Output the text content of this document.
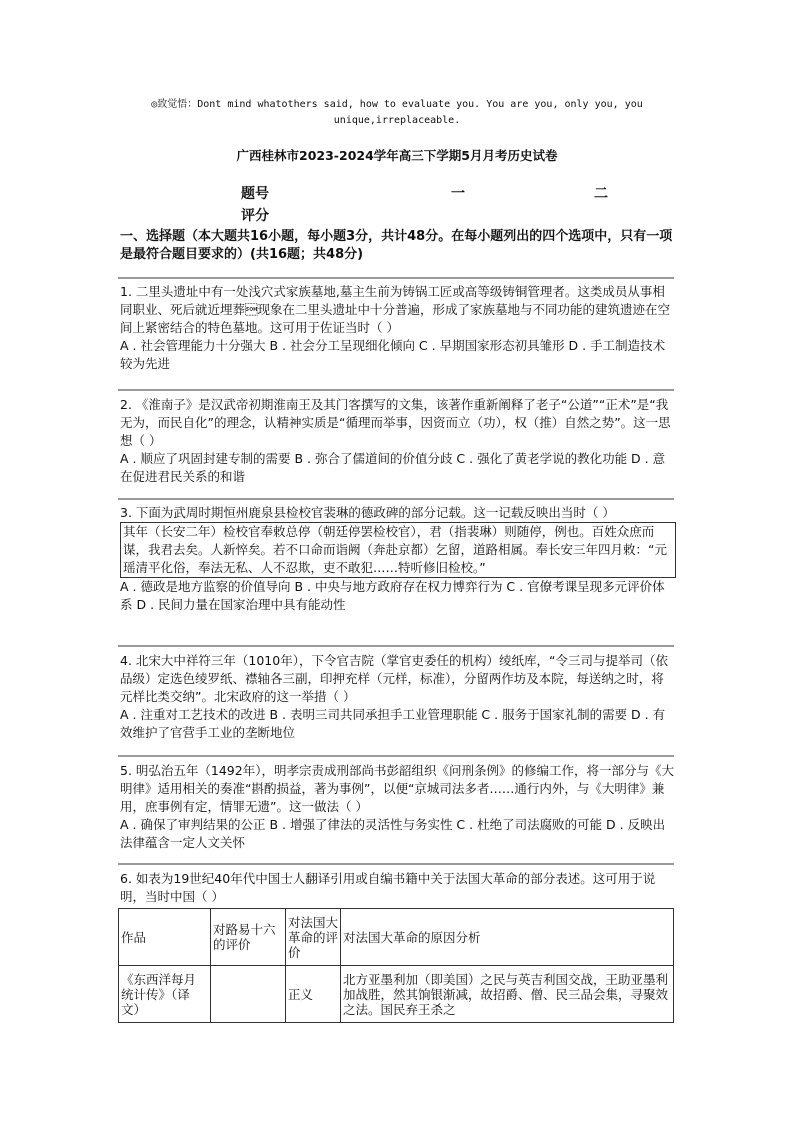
◎致觉悟：Dont mind whatothers said, how to evaluate you. You are you, only you, you unique,irreplaceable.
广西桂林市2023-2024学年高三下学期5月月考历史试卷
题号	一	二
评分
一、选择题（本大题共16小题，每小题3分，共计48分。在每小题列出的四个选项中，只有一项是最符合题目要求的）(共16题；共48分)

1. 二里头遗址中有一处浅穴式家族墓地,墓主生前为铸锅工匠或高等级铸铜管理者。这类成员从事相同职业、死后就近埋葬现象在二里头遗址中十分普遍，形成了家族墓地与不同功能的建筑遗迹在空间上紧密结合的特色墓地。这可用于佐证当时（ ）

A . 社会管理能力十分强大 B . 社会分工呈现细化倾向 C . 早期国家形态初具雏形 D . 手工制造技术较为先进

2. 《淮南子》是汉武帝初期淮南王及其门客撰写的文集，该著作重新阐释了老子“公道”“正术”是“我无为，而民自化”的理念，认精神实质是“循理而举事，因资而立（功），权（推）自然之势”。这一思想（ ）

A . 顺应了巩固封建专制的需要 B . 弥合了儒道间的价值分歧 C . 强化了黄老学说的教化功能 D . 意在促进君民关系的和谐

3. 下面为武周时期恒州鹿泉县检校官裴琳的德政碑的部分记载。这一记载反映出当时（ ）

其年（长安二年）检校官奉敕总停（朝廷停罢检校官），君（指裴琳）则随停，例也。百姓众庶而谋，我君去矣。人新悴矣。若不口命而诣阙（奔赴京都）乞留，道路相属。奉长安三年四月敕：“元瑶清平化俗，奉法无私、人不忍欺，吏不敢犯……特听修旧检校。”

A . 德政是地方监察的价值导向 B . 中央与地方政府存在权力博弈行为 C . 官僚考课呈现多元评价体系 D . 民间力量在国家治理中具有能动性

4. 北宋大中祥符三年（1010年），下令官吉院（掌官吏委任的机构）绫纸库，“令三司与提举司（依品级）定选色绫罗纸、襟轴各三副，印押充样（元样，标准），分留两作坊及本院，每送纳之时，将元样比类交纳”。北宋政府的这一举措（ ）

A . 注重对工艺技术的改进 B . 表明三司共同承担手工业管理职能 C . 服务于国家礼制的需要 D . 有效维护了官营手工业的垄断地位

5. 明弘治五年（1492年），明孝宗责成刑部尚书彭韶组织《问刑条例》的修编工作，将一部分与《大明律》适用相关的奏准“斟酌损益，著为事例”，以便“京城司法多者……通行内外，与《大明律》兼用，庶事例有定，情罪无遗”。这一做法（ ）

A . 确保了审判结果的公正 B . 增强了律法的灵活性与务实性 C . 杜绝了司法腐败的可能 D . 反映出法律蕴含一定人文关怀

6. 如表为19世纪40年代中国士人翻译引用或自编书籍中关于法国大革命的部分表述。这可用于说明，当时中国（ ）

作品	对路易十六的评价	对法国大革命的评价	对法国大革命的原因分析
《东西洋每月统计传》（译文）		正义	北方亚墨利加（即美国）之民与英吉利国交战，王助亚墨利加战胜，然其饷银渐减，故招爵、僧、民三品会集，寻聚效之法。国民弃王杀之
